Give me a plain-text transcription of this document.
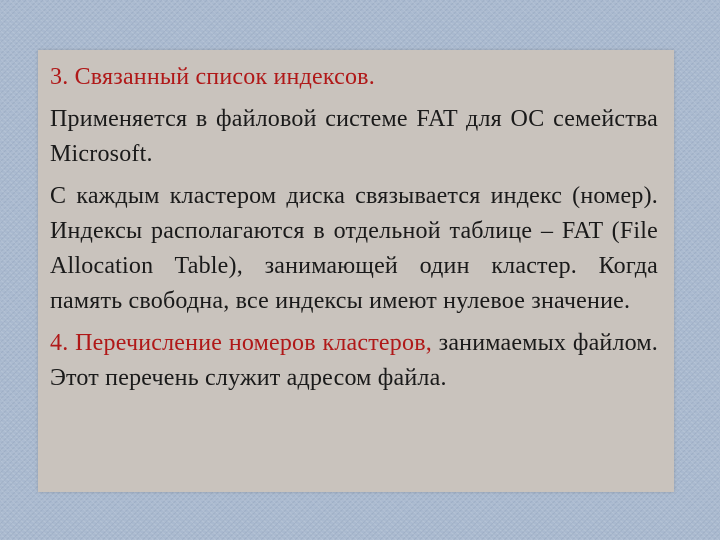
3. Связанный список индексов.

Применяется в файловой системе FAT для ОС семейства Microsoft.

С каждым кластером диска связывается индекс (номер). Индексы располагаются в отдельной таблице – FAT (File Allocation Table), занимающей один кластер. Когда память свободна, все индексы имеют нулевое значение.

4. Перечисление номеров кластеров, занимаемых файлом. Этот перечень служит адресом файла.
